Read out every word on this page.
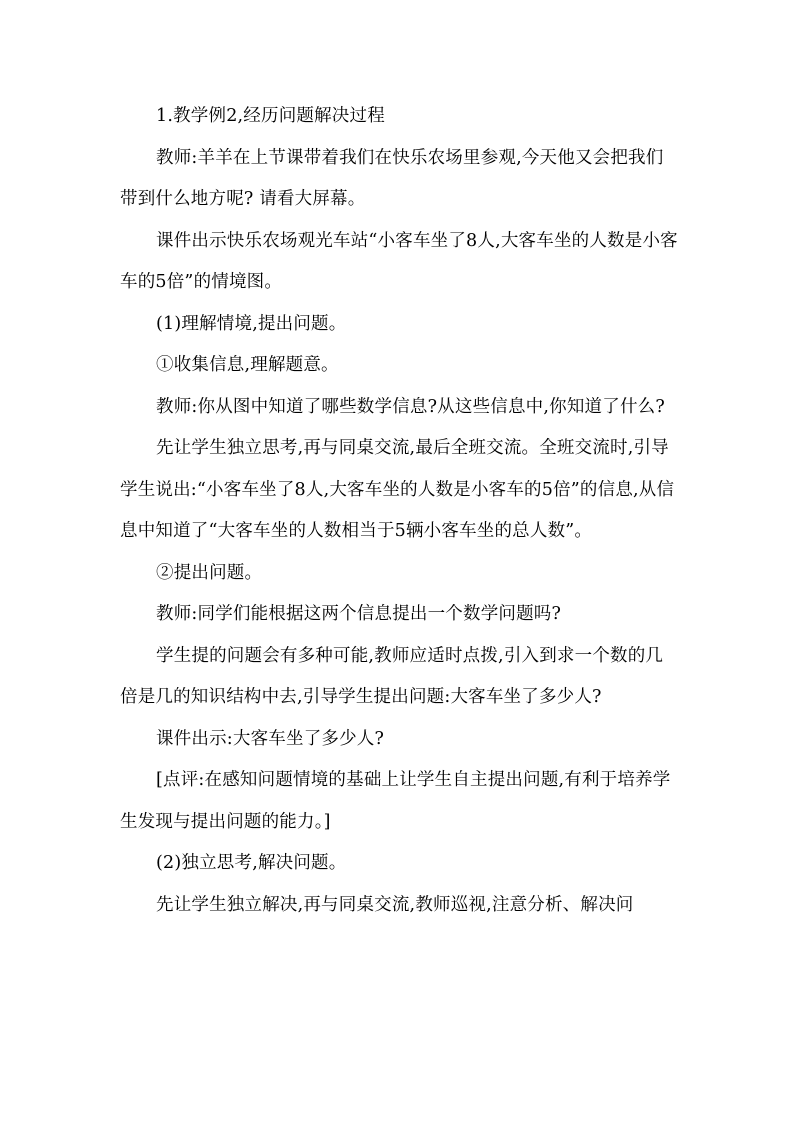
1.教学例2,经历问题解决过程

教师:羊羊在上节课带着我们在快乐农场里参观,今天他又会把我们带到什么地方呢? 请看大屏幕。

课件出示快乐农场观光车站“小客车坐了8人,大客车坐的人数是小客车的5倍”的情境图。

(1)理解情境,提出问题。

①收集信息,理解题意。

教师:你从图中知道了哪些数学信息?从这些信息中,你知道了什么?

先让学生独立思考,再与同桌交流,最后全班交流。全班交流时,引导学生说出:“小客车坐了8人,大客车坐的人数是小客车的5倍”的信息,从信息中知道了“大客车坐的人数相当于5辆小客车坐的总人数”。

②提出问题。

教师:同学们能根据这两个信息提出一个数学问题吗?

学生提的问题会有多种可能,教师应适时点拨,引入到求一个数的几倍是几的知识结构中去,引导学生提出问题:大客车坐了多少人?

课件出示:大客车坐了多少人?

[点评:在感知问题情境的基础上让学生自主提出问题,有利于培养学生发现与提出问题的能力。]

(2)独立思考,解决问题。

先让学生独立解决,再与同桌交流,教师巡视,注意分析、解决问
